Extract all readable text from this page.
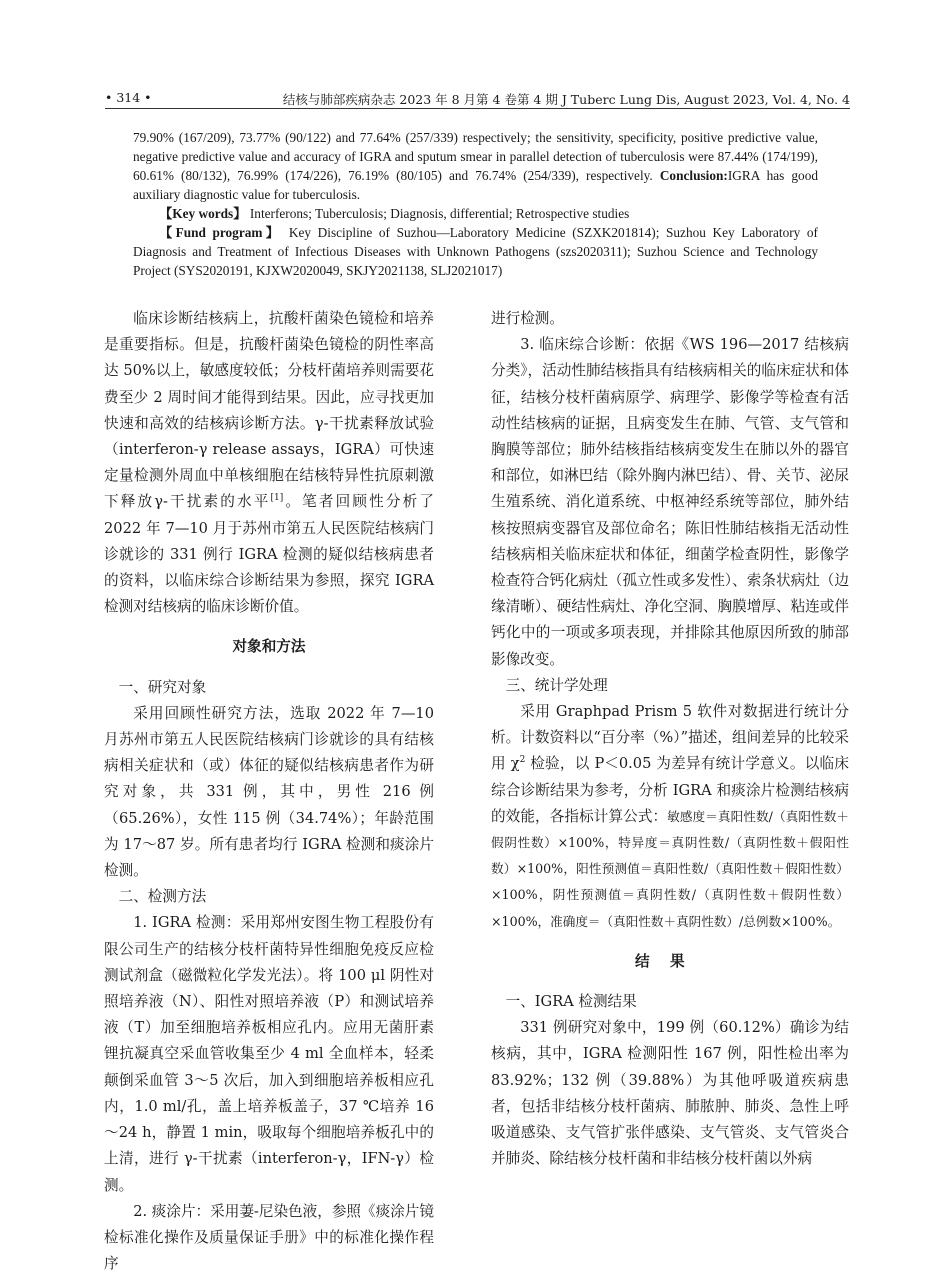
• 314 •	结核与肺部疾病杂志 2023 年 8 月第 4 卷第 4 期 J Tuberc Lung Dis, August 2023, Vol. 4, No. 4

79.90% (167/209), 73.77% (90/122) and 77.64% (257/339) respectively; the sensitivity, specificity, positive predictive value, negative predictive value and accuracy of IGRA and sputum smear in parallel detection of tuberculosis were 87.44% (174/199), 60.61% (80/132), 76.99% (174/226), 76.19% (80/105) and 76.74% (254/339), respectively. Conclusion:IGRA has good auxiliary diagnostic value for tuberculosis.

【Key words】 Interferons; Tuberculosis; Diagnosis, differential; Retrospective studies

【Fund program】 Key Discipline of Suzhou—Laboratory Medicine (SZXK201814); Suzhou Key Laboratory of Diagnosis and Treatment of Infectious Diseases with Unknown Pathogens (szs2020311); Suzhou Science and Technology Project (SYS2020191, KJXW2020049, SKJY2021138, SLJ2021017)

临床诊断结核病上，抗酸杆菌染色镜检和培养是重要指标。但是，抗酸杆菌染色镜检的阴性率高达 50%以上，敏感度较低；分枝杆菌培养则需要花费至少 2 周时间才能得到结果。因此，应寻找更加快速和高效的结核病诊断方法。γ-干扰素释放试验（interferon-γ release assays，IGRA）可快速定量检测外周血中单核细胞在结核特异性抗原刺激下释放γ-干扰素的水平[1]。笔者回顾性分析了 2022 年 7—10 月于苏州市第五人民医院结核病门诊就诊的 331 例行 IGRA 检测的疑似结核病患者的资料，以临床综合诊断结果为参照，探究 IGRA 检测对结核病的临床诊断价值。

对象和方法

一、研究对象

采用回顾性研究方法，选取 2022 年 7—10 月苏州市第五人民医院结核病门诊就诊的具有结核病相关症状和（或）体征的疑似结核病患者作为研究对象，共 331 例，其中，男性 216 例（65.26%），女性 115 例（34.74%）；年龄范围为 17～87 岁。所有患者均行 IGRA 检测和痰涂片检测。

二、检测方法

1. IGRA 检测：采用郑州安图生物工程股份有限公司生产的结核分枝杆菌特异性细胞免疫反应检测试剂盒（磁微粒化学发光法）。将 100 μl 阴性对照培养液（N）、阳性对照培养液（P）和测试培养液（T）加至细胞培养板相应孔内。应用无菌肝素锂抗凝真空采血管收集至少 4 ml 全血样本，轻柔颠倒采血管 3～5 次后，加入到细胞培养板相应孔内，1.0 ml/孔，盖上培养板盖子，37 ℃培养 16～24 h，静置 1 min，吸取每个细胞培养板孔中的上清，进行 γ-干扰素（interferon-γ，IFN-γ）检测。

2. 痰涂片：采用萋-尼染色液，参照《痰涂片镜检标准化操作及质量保证手册》中的标准化操作程序

进行检测。

3. 临床综合诊断：依据《WS 196—2017 结核病分类》，活动性肺结核指具有结核病相关的临床症状和体征，结核分枝杆菌病原学、病理学、影像学等检查有活动性结核病的证据，且病变发生在肺、气管、支气管和胸膜等部位；肺外结核指结核病变发生在肺以外的器官和部位，如淋巴结（除外胸内淋巴结）、骨、关节、泌尿生殖系统、消化道系统、中枢神经系统等部位，肺外结核按照病变器官及部位命名；陈旧性肺结核指无活动性结核病相关临床症状和体征，细菌学检查阴性，影像学检查符合钙化病灶（孤立性或多发性）、索条状病灶（边缘清晰）、硬结性病灶、净化空洞、胸膜增厚、粘连或伴钙化中的一项或多项表现，并排除其他原因所致的肺部影像改变。

三、统计学处理

采用 Graphpad Prism 5 软件对数据进行统计分析。计数资料以“百分率（%）”描述，组间差异的比较采用 $\chi^2$ 检验，以 P＜0.05 为差异有统计学意义。以临床综合诊断结果为参考，分析 IGRA 和痰涂片检测结核病的效能，各指标计算公式：敏感度＝真阳性数/（真阳性数＋假阴性数）×100%，特异度＝真阴性数/（真阴性数＋假阳性数）×100%，阳性预测值＝真阳性数/（真阳性数＋假阳性数）×100%，阴性预测值＝真阴性数/（真阴性数＋假阴性数）×100%，准确度＝（真阳性数＋真阴性数）/总例数×100%。

结果

一、IGRA 检测结果

331 例研究对象中，199 例（60.12%）确诊为结核病，其中，IGRA 检测阳性 167 例，阳性检出率为 83.92%；132 例（39.88%）为其他呼吸道疾病患者，包括非结核分枝杆菌病、肺脓肿、肺炎、急性上呼吸道感染、支气管扩张伴感染、支气管炎、支气管炎合并肺炎、除结核分枝杆菌和非结核分枝杆菌以外病
